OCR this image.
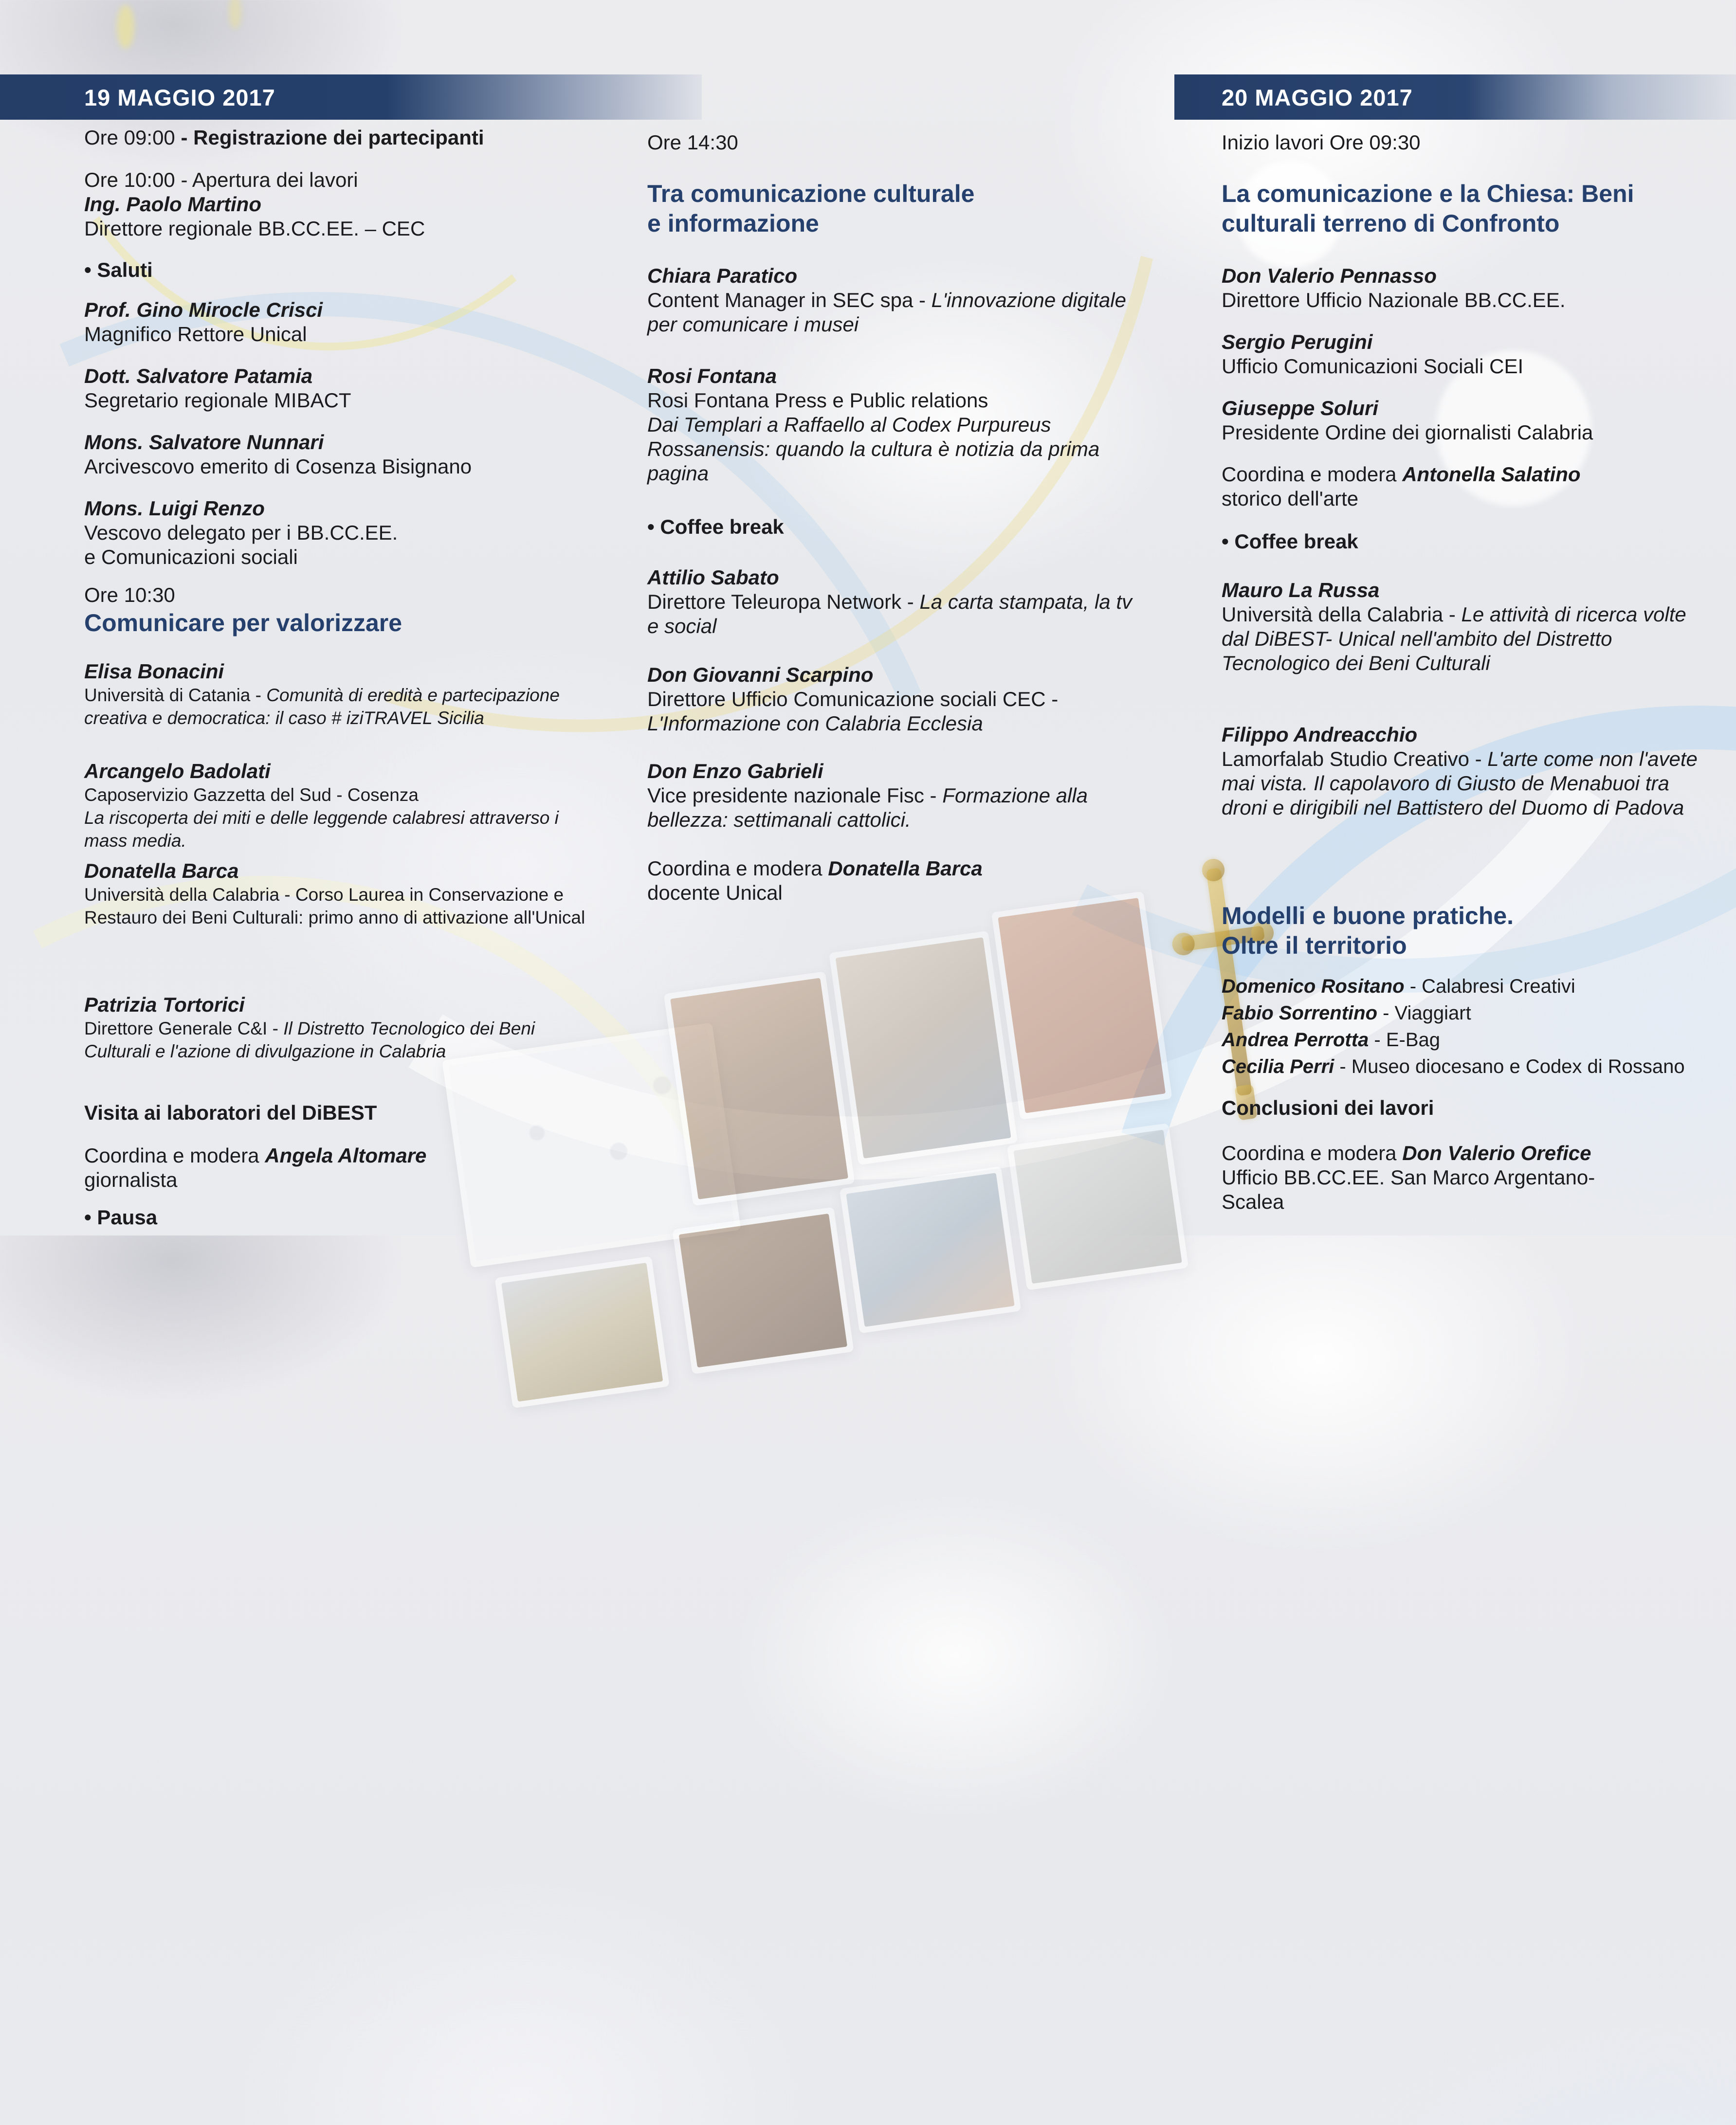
19 MAGGIO 2017	20 MAGGIO 2017
Ore 09:00 - Registrazione dei partecipanti
Ore 10:00 - Apertura dei lavori
Ing. Paolo Martino
Direttore regionale BB.CC.EE. – CEC
• Saluti
Prof. Gino Mirocle Crisci
Magnifico Rettore Unical
Dott. Salvatore Patamia
Segretario regionale MIBACT
Mons. Salvatore Nunnari
Arcivescovo emerito di Cosenza Bisignano
Mons. Luigi Renzo
Vescovo delegato per i BB.CC.EE.
e Comunicazioni sociali
Ore 10:30
Comunicare per valorizzare
Elisa Bonacini
Università di Catania - Comunità di eredità e partecipazione creativa e democratica: il caso # iziTRAVEL Sicilia
Arcangelo Badolati
Caposervizio Gazzetta del Sud - Cosenza
La riscoperta dei miti e delle leggende calabresi attraverso i mass media.
Donatella Barca
Università della Calabria - Corso Laurea in Conservazione e Restauro dei Beni Culturali: primo anno di attivazione all'Unical
Patrizia Tortorici
Direttore Generale C&I - Il Distretto Tecnologico dei Beni Culturali e l'azione di divulgazione in Calabria
Visita ai laboratori del DiBEST
Coordina e modera Angela Altomare
giornalista
• Pausa
Ore 14:30
Tra comunicazione culturale
e informazione
Chiara Paratico
Content Manager in SEC spa - L'innovazione digitale per comunicare i musei
Rosi Fontana
Rosi Fontana Press e Public relations
Dai Templari a Raffaello al Codex Purpureus Rossanensis: quando la cultura è notizia da prima pagina
• Coffee break
Attilio Sabato
Direttore Teleuropa Network - La carta stampata, la tv e social
Don Giovanni Scarpino
Direttore Ufficio Comunicazione sociali CEC - L'Informazione con Calabria Ecclesia
Don Enzo Gabrieli
Vice presidente nazionale Fisc - Formazione alla bellezza: settimanali cattolici.
Coordina e modera Donatella Barca
docente Unical
Inizio lavori Ore 09:30
La comunicazione e la Chiesa: Beni
culturali terreno di Confronto
Don Valerio Pennasso
Direttore Ufficio Nazionale BB.CC.EE.
Sergio Perugini
Ufficio Comunicazioni Sociali CEI
Giuseppe Soluri
Presidente Ordine dei giornalisti Calabria
Coordina e modera Antonella Salatino
storico dell'arte
• Coffee break
Mauro La Russa
Università della Calabria - Le attività di ricerca volte dal DiBEST- Unical nell'ambito del Distretto Tecnologico dei Beni Culturali
Filippo Andreacchio
Lamorfalab Studio Creativo - L'arte come non l'avete mai vista. Il capolavoro di Giusto de Menabuoi tra droni e dirigibili nel Battistero del Duomo di Padova
Modelli e buone pratiche.
Oltre il territorio
Domenico Rositano - Calabresi Creativi
Fabio Sorrentino - Viaggiart
Andrea Perrotta - E-Bag
Cecilia Perri - Museo diocesano e Codex di Rossano
Conclusioni dei lavori
Coordina e modera Don Valerio Orefice
Ufficio BB.CC.EE. San Marco Argentano-
Scalea
